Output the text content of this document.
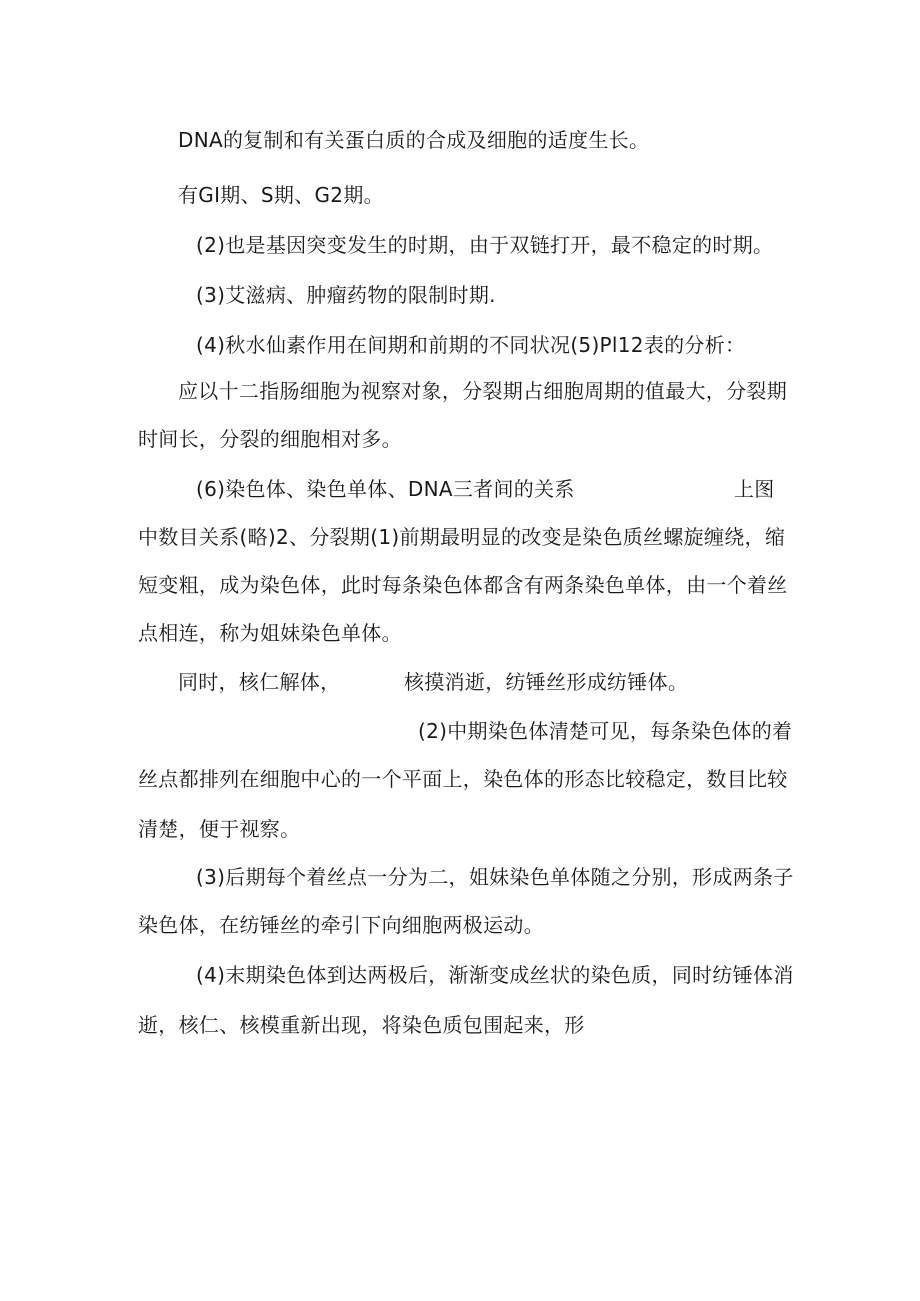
DNA的复制和有关蛋白质的合成及细胞的适度生长。

有GI期、S期、G2期。

(2)也是基因突变发生的时期，由于双链打开，最不稳定的时期。

(3)艾滋病、肿瘤药物的限制时期.

(4)秋水仙素作用在间期和前期的不同状况(5)Pl12表的分析：

应以十二指肠细胞为视察对象，分裂期占细胞周期的值最大，分裂期

时间长，分裂的细胞相对多。

(6)染色体、染色单体、DNA三者间的关系	上图

中数目关系(略)2、分裂期(1)前期最明显的改变是染色质丝螺旋缠绕，缩

短变粗，成为染色体，此时每条染色体都含有两条染色单体，由一个着丝

点相连，称为姐妹染色单体。

同时，核仁解体，	核摸消逝，纺锤丝形成纺锤体。

(2)中期染色体清楚可见，每条染色体的着

丝点都排列在细胞中心的一个平面上，染色体的形态比较稳定，数目比较

清楚，便于视察。

(3)后期每个着丝点一分为二，姐妹染色单体随之分别，形成两条子

染色体，在纺锤丝的牵引下向细胞两极运动。

(4)末期染色体到达两极后，渐渐变成丝状的染色质，同时纺锤体消

逝，核仁、核模重新出现，将染色质包围起来，形
